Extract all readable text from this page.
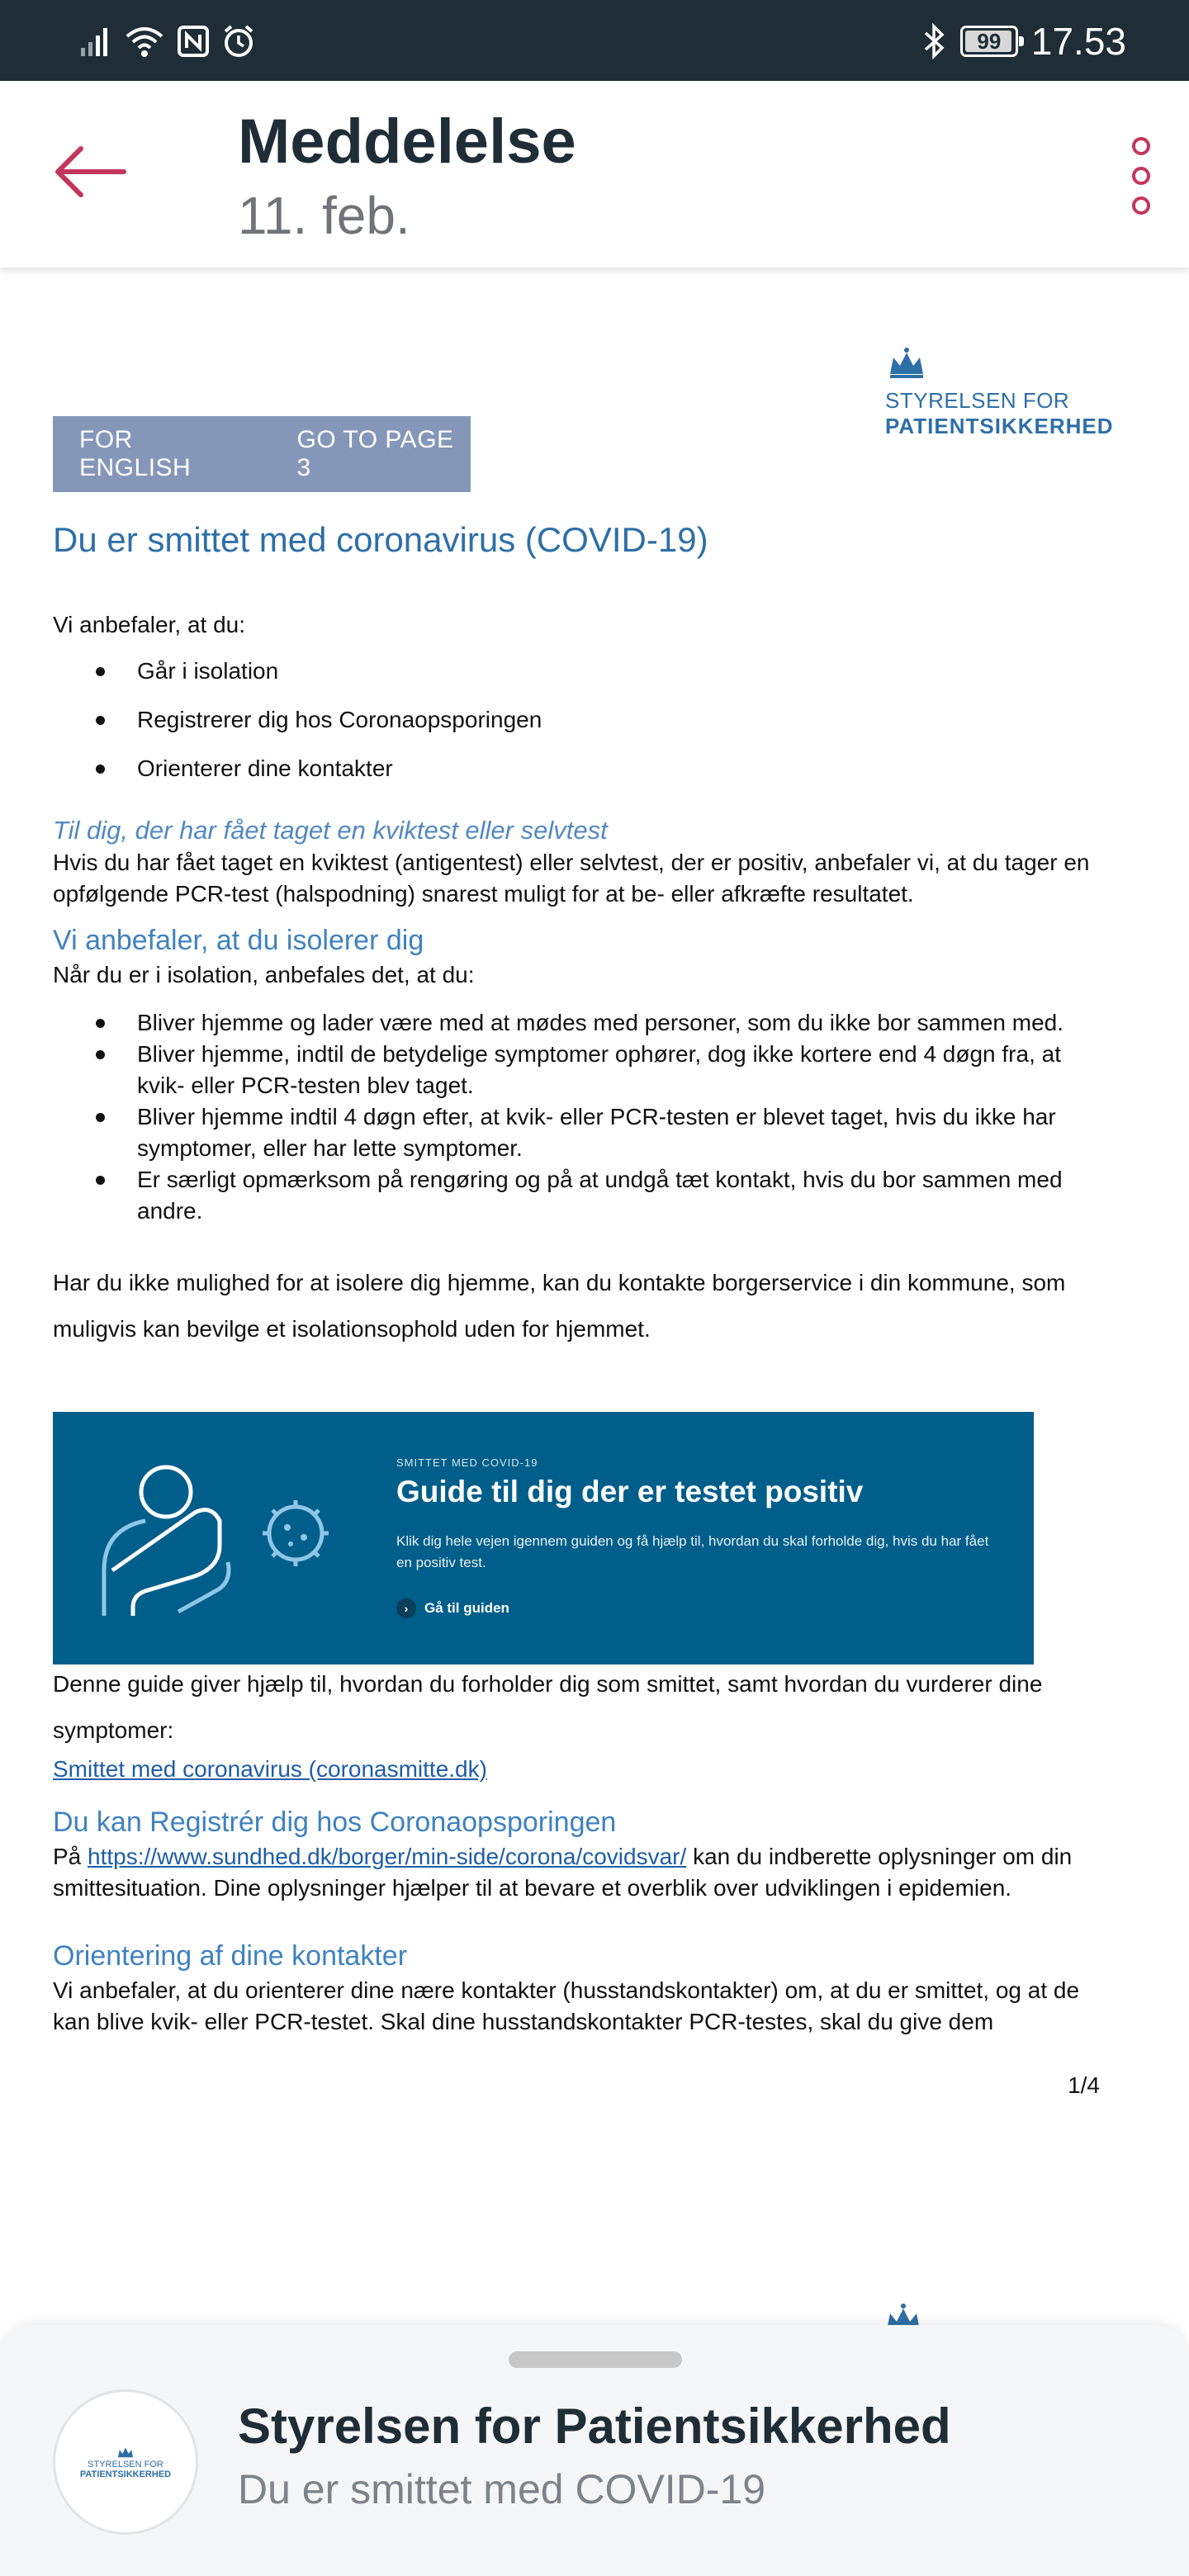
99 17.53
Meddelelse
11. feb.
STYRELSEN FOR
PATIENTSIKKERHED
FOR ENGLISH
GO TO PAGE 3
Du er smittet med coronavirus (COVID-19)
Vi anbefaler, at du:
Går i isolation
Registrerer dig hos Coronaopsporingen
Orienterer dine kontakter
Til dig, der har fået taget en kviktest eller selvtest
Hvis du har fået taget en kviktest (antigentest) eller selvtest, der er positiv, anbefaler vi, at du tager en opfølgende PCR-test (halspodning) snarest muligt for at be- eller afkræfte resultatet.
Vi anbefaler, at du isolerer dig
Når du er i isolation, anbefales det, at du:
Bliver hjemme og lader være med at mødes med personer, som du ikke bor sammen med.
Bliver hjemme, indtil de betydelige symptomer ophører, dog ikke kortere end 4 døgn fra, at kvik- eller PCR-testen blev taget.
Bliver hjemme indtil 4 døgn efter, at kvik- eller PCR-testen er blevet taget, hvis du ikke har symptomer, eller har lette symptomer.
Er særligt opmærksom på rengøring og på at undgå tæt kontakt, hvis du bor sammen med andre.
Har du ikke mulighed for at isolere dig hjemme, kan du kontakte borgerservice i din kommune, som muligvis kan bevilge et isolationsophold uden for hjemmet.
SMITTET MED COVID-19
Guide til dig der er testet positiv
Klik dig hele vejen igennem guiden og få hjælp til, hvordan du skal forholde dig, hvis du har fået en positiv test.
›	Gå til guiden
Denne guide giver hjælp til, hvordan du forholder dig som smittet, samt hvordan du vurderer dine symptomer:
Smittet med coronavirus (coronasmitte.dk)
Du kan Registrér dig hos Coronaopsporingen
På https://www.sundhed.dk/borger/min-side/corona/covidsvar/ kan du indberette oplysninger om din smittesituation. Dine oplysninger hjælper til at bevare et overblik over udviklingen i epidemien.
Orientering af dine kontakter
Vi anbefaler, at du orienterer dine nære kontakter (husstandskontakter) om, at du er smittet, og at de kan blive kvik- eller PCR-testet. Skal dine husstandskontakter PCR-testes, skal du give dem
1/4
STYRELSEN FOR
PATIENTSIKKERHED
Styrelsen for Patientsikkerhed
Du er smittet med COVID-19
